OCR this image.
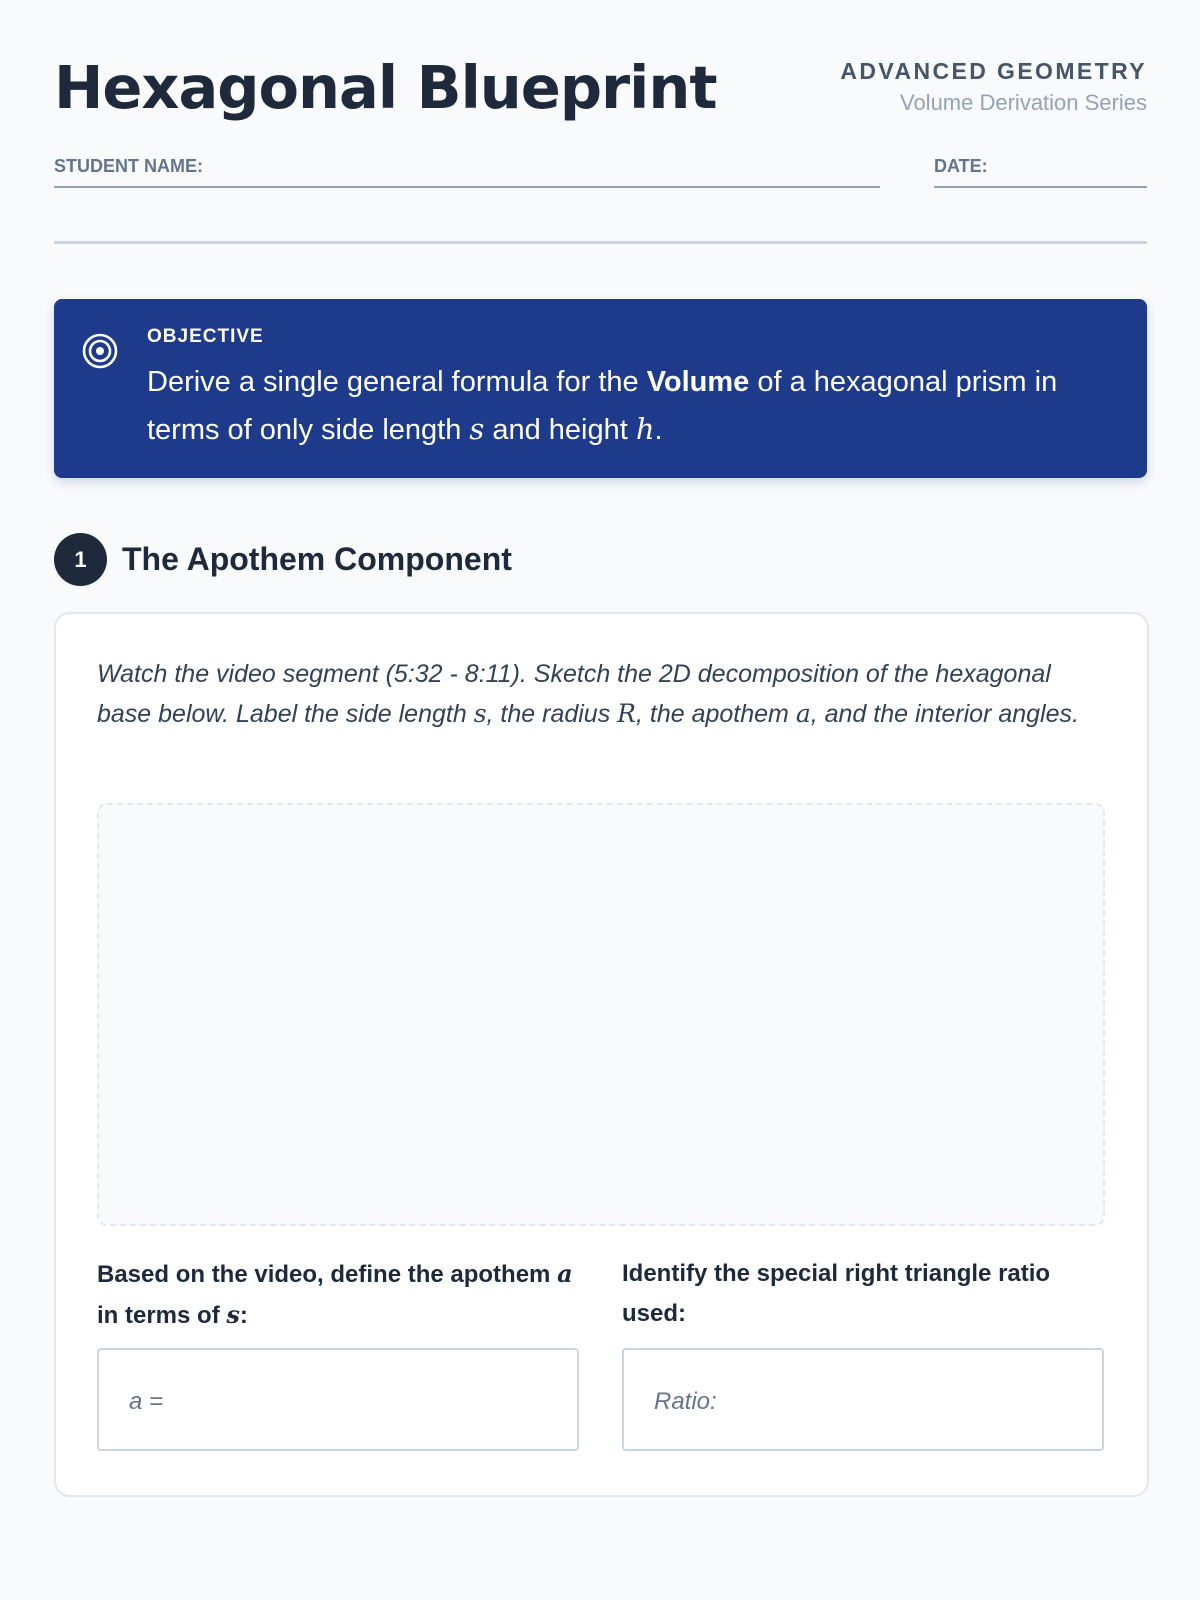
Hexagonal Blueprint	ADVANCED GEOMETRY
Volume Derivation Series
STUDENT NAME:	DATE:
OBJECTIVE
Derive a single general formula for the Volume of a hexagonal prism in terms of only side length s and height h.
1	The Apothem Component

Watch the video segment (5:32 - 8:11). Sketch the 2D decomposition of the hexagonal base below. Label the side length s, the radius R, the apothem a, and the interior angles.

Based on the video, define the apothem a in terms of s:
Identify the special right triangle ratio used:
a =	Ratio:
